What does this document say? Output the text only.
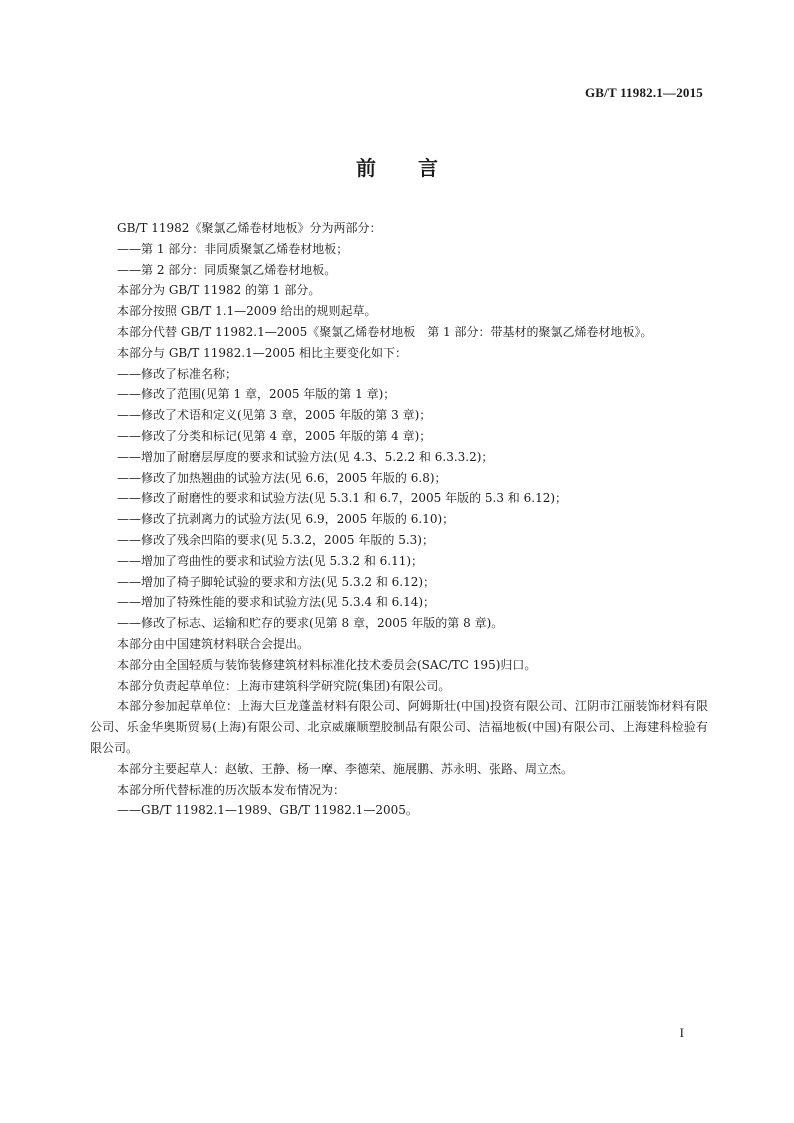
GB/T 11982.1—2015
前 言

GB/T 11982《聚氯乙烯卷材地板》分为两部分：

——第 1 部分：非同质聚氯乙烯卷材地板；

——第 2 部分：同质聚氯乙烯卷材地板。

本部分为 GB/T 11982 的第 1 部分。

本部分按照 GB/T 1.1—2009 给出的规则起草。

本部分代替 GB/T 11982.1—2005《聚氯乙烯卷材地板　第 1 部分：带基材的聚氯乙烯卷材地板》。

本部分与 GB/T 11982.1—2005 相比主要变化如下：

——修改了标准名称；

——修改了范围(见第 1 章，2005 年版的第 1 章)；

——修改了术语和定义(见第 3 章，2005 年版的第 3 章)；

——修改了分类和标记(见第 4 章，2005 年版的第 4 章)；

——增加了耐磨层厚度的要求和试验方法(见 4.3、5.2.2 和 6.3.3.2)；

——修改了加热翘曲的试验方法(见 6.6，2005 年版的 6.8)；

——修改了耐磨性的要求和试验方法(见 5.3.1 和 6.7，2005 年版的 5.3 和 6.12)；

——修改了抗剥离力的试验方法(见 6.9，2005 年版的 6.10)；

——修改了残余凹陷的要求(见 5.3.2，2005 年版的 5.3)；

——增加了弯曲性的要求和试验方法(见 5.3.2 和 6.11)；

——增加了椅子脚轮试验的要求和方法(见 5.3.2 和 6.12)；

——增加了特殊性能的要求和试验方法(见 5.3.4 和 6.14)；

——修改了标志、运输和贮存的要求(见第 8 章，2005 年版的第 8 章)。

本部分由中国建筑材料联合会提出。

本部分由全国轻质与装饰装修建筑材料标准化技术委员会(SAC/TC 195)归口。

本部分负责起草单位：上海市建筑科学研究院(集团)有限公司。

本部分参加起草单位：上海大巨龙蓬盖材料有限公司、阿姆斯壮(中国)投资有限公司、江阴市江丽装饰材料有限公司、乐金华奥斯贸易(上海)有限公司、北京威廉顺塑胶制品有限公司、洁福地板(中国)有限公司、上海建科检验有限公司。

本部分主要起草人：赵敏、王静、杨一摩、李德荣、施展鹏、苏永明、张路、周立杰。

本部分所代替标准的历次版本发布情况为：

——GB/T 11982.1—1989、GB/T 11982.1—2005。

I
